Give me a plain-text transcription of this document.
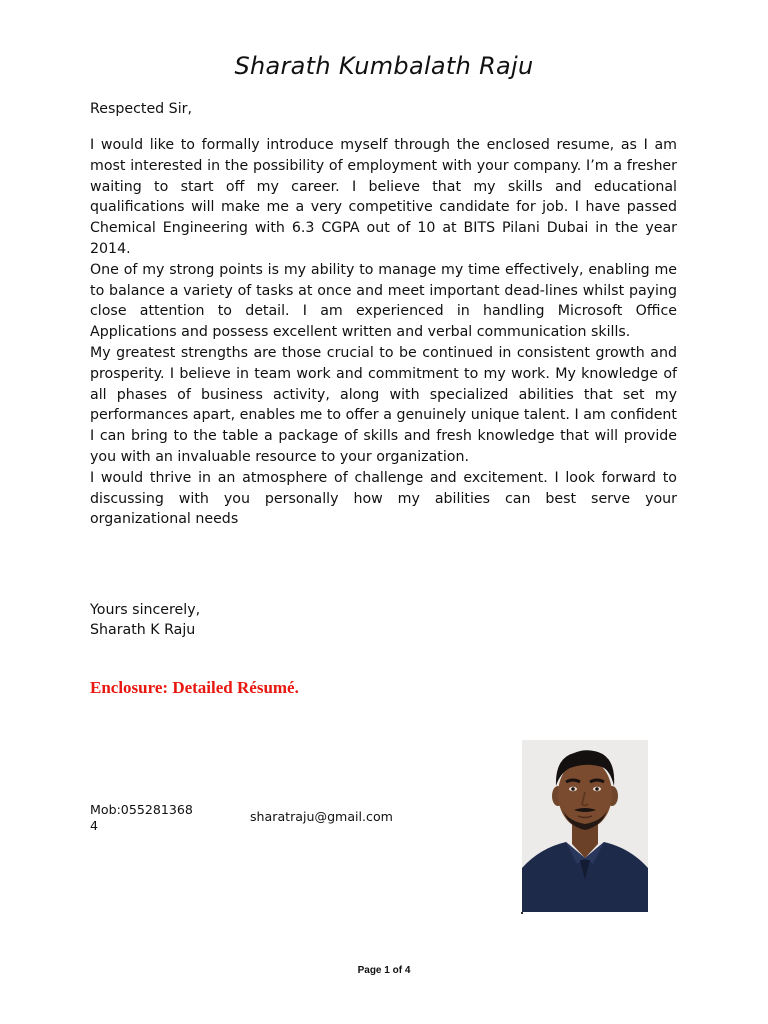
Sharath Kumbalath Raju
Respected Sir,

I would like to formally introduce myself through the enclosed resume, as I am most interested in the possibility of employment with your company. I’m a fresher waiting to start off my career. I believe that my skills and educational qualifications will make me a very competitive candidate for job. I have passed Chemical Engineering with 6.3 CGPA out of 10 at BITS Pilani Dubai in the year 2014.

One of my strong points is my ability to manage my time effectively, enabling me to balance a variety of tasks at once and meet important dead-lines whilst paying close attention to detail. I am experienced in handling Microsoft Office Applications and possess excellent written and verbal communication skills.

My greatest strengths are those crucial to be continued in consistent growth and prosperity. I believe in team work and commitment to my work. My knowledge of all phases of business activity, along with specialized abilities that set my performances apart, enables me to offer a genuinely unique talent. I am confident I can bring to the table a package of skills and fresh knowledge that will provide you with an invaluable resource to your organization.

I would thrive in an atmosphere of challenge and excitement. I look forward to discussing with you personally how my abilities can best serve your organizational needs

Yours sincerely,
Sharath K Raju
Enclosure: Detailed Résumé.
Mob:0552813684
sharatraju@gmail.com
Page 1 of 4
